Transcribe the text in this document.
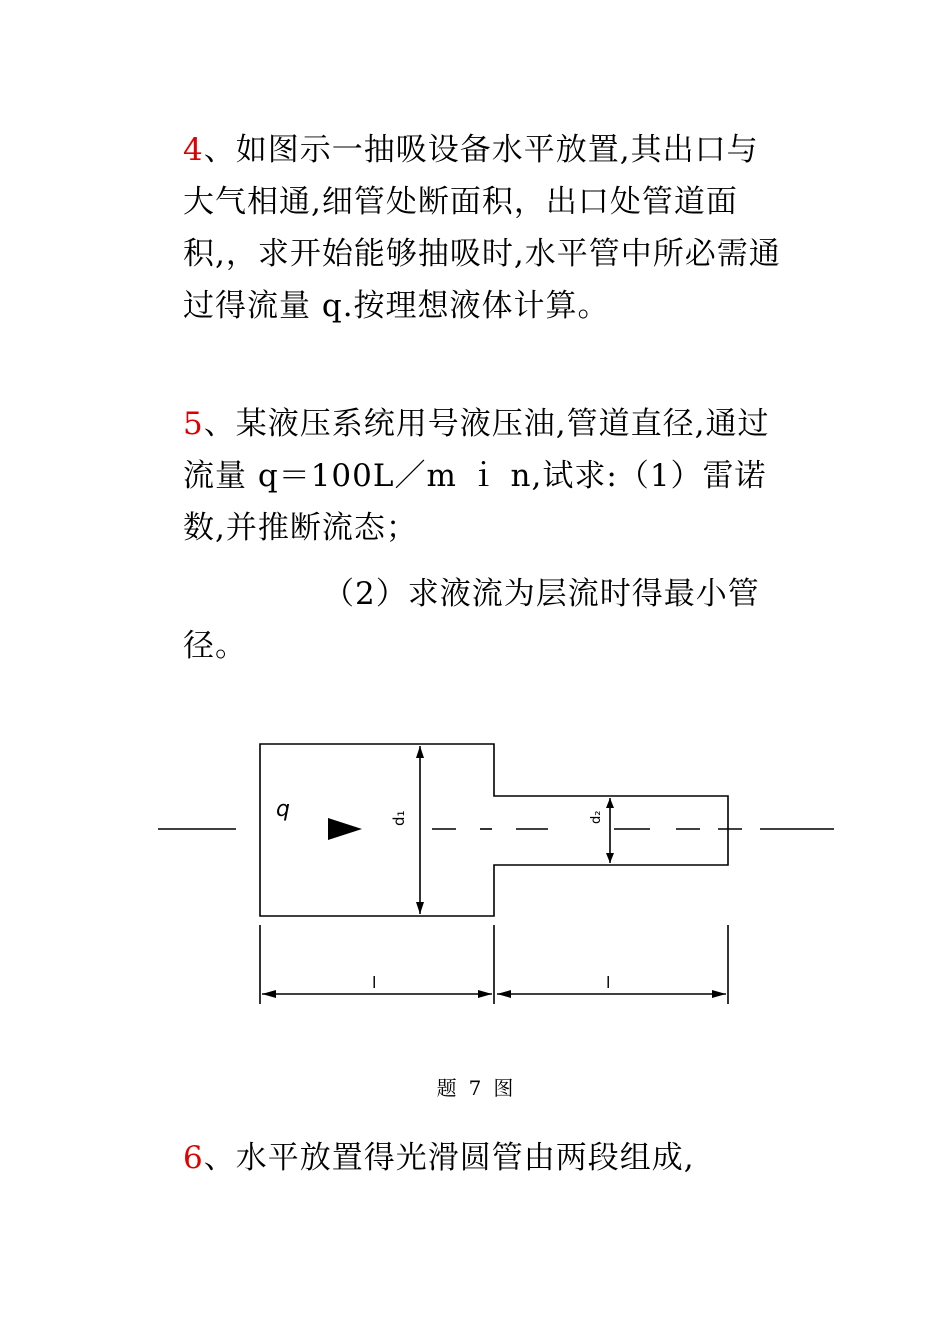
4、如图示一抽吸设备水平放置,其出口与大气相通,细管处断面积，出口处管道面积,，求开始能够抽吸时,水平管中所必需通过得流量 q.按理想液体计算。

5、某液压系统用号液压油,管道直径,通过流量 q＝100L／m ｉ n,试求:（1）雷诺数,并推断流态；

（2）求液流为层流时得最小管径。

q	d₁	d₂
l	l
题 7 图

6、水平放置得光滑圆管由两段组成,
